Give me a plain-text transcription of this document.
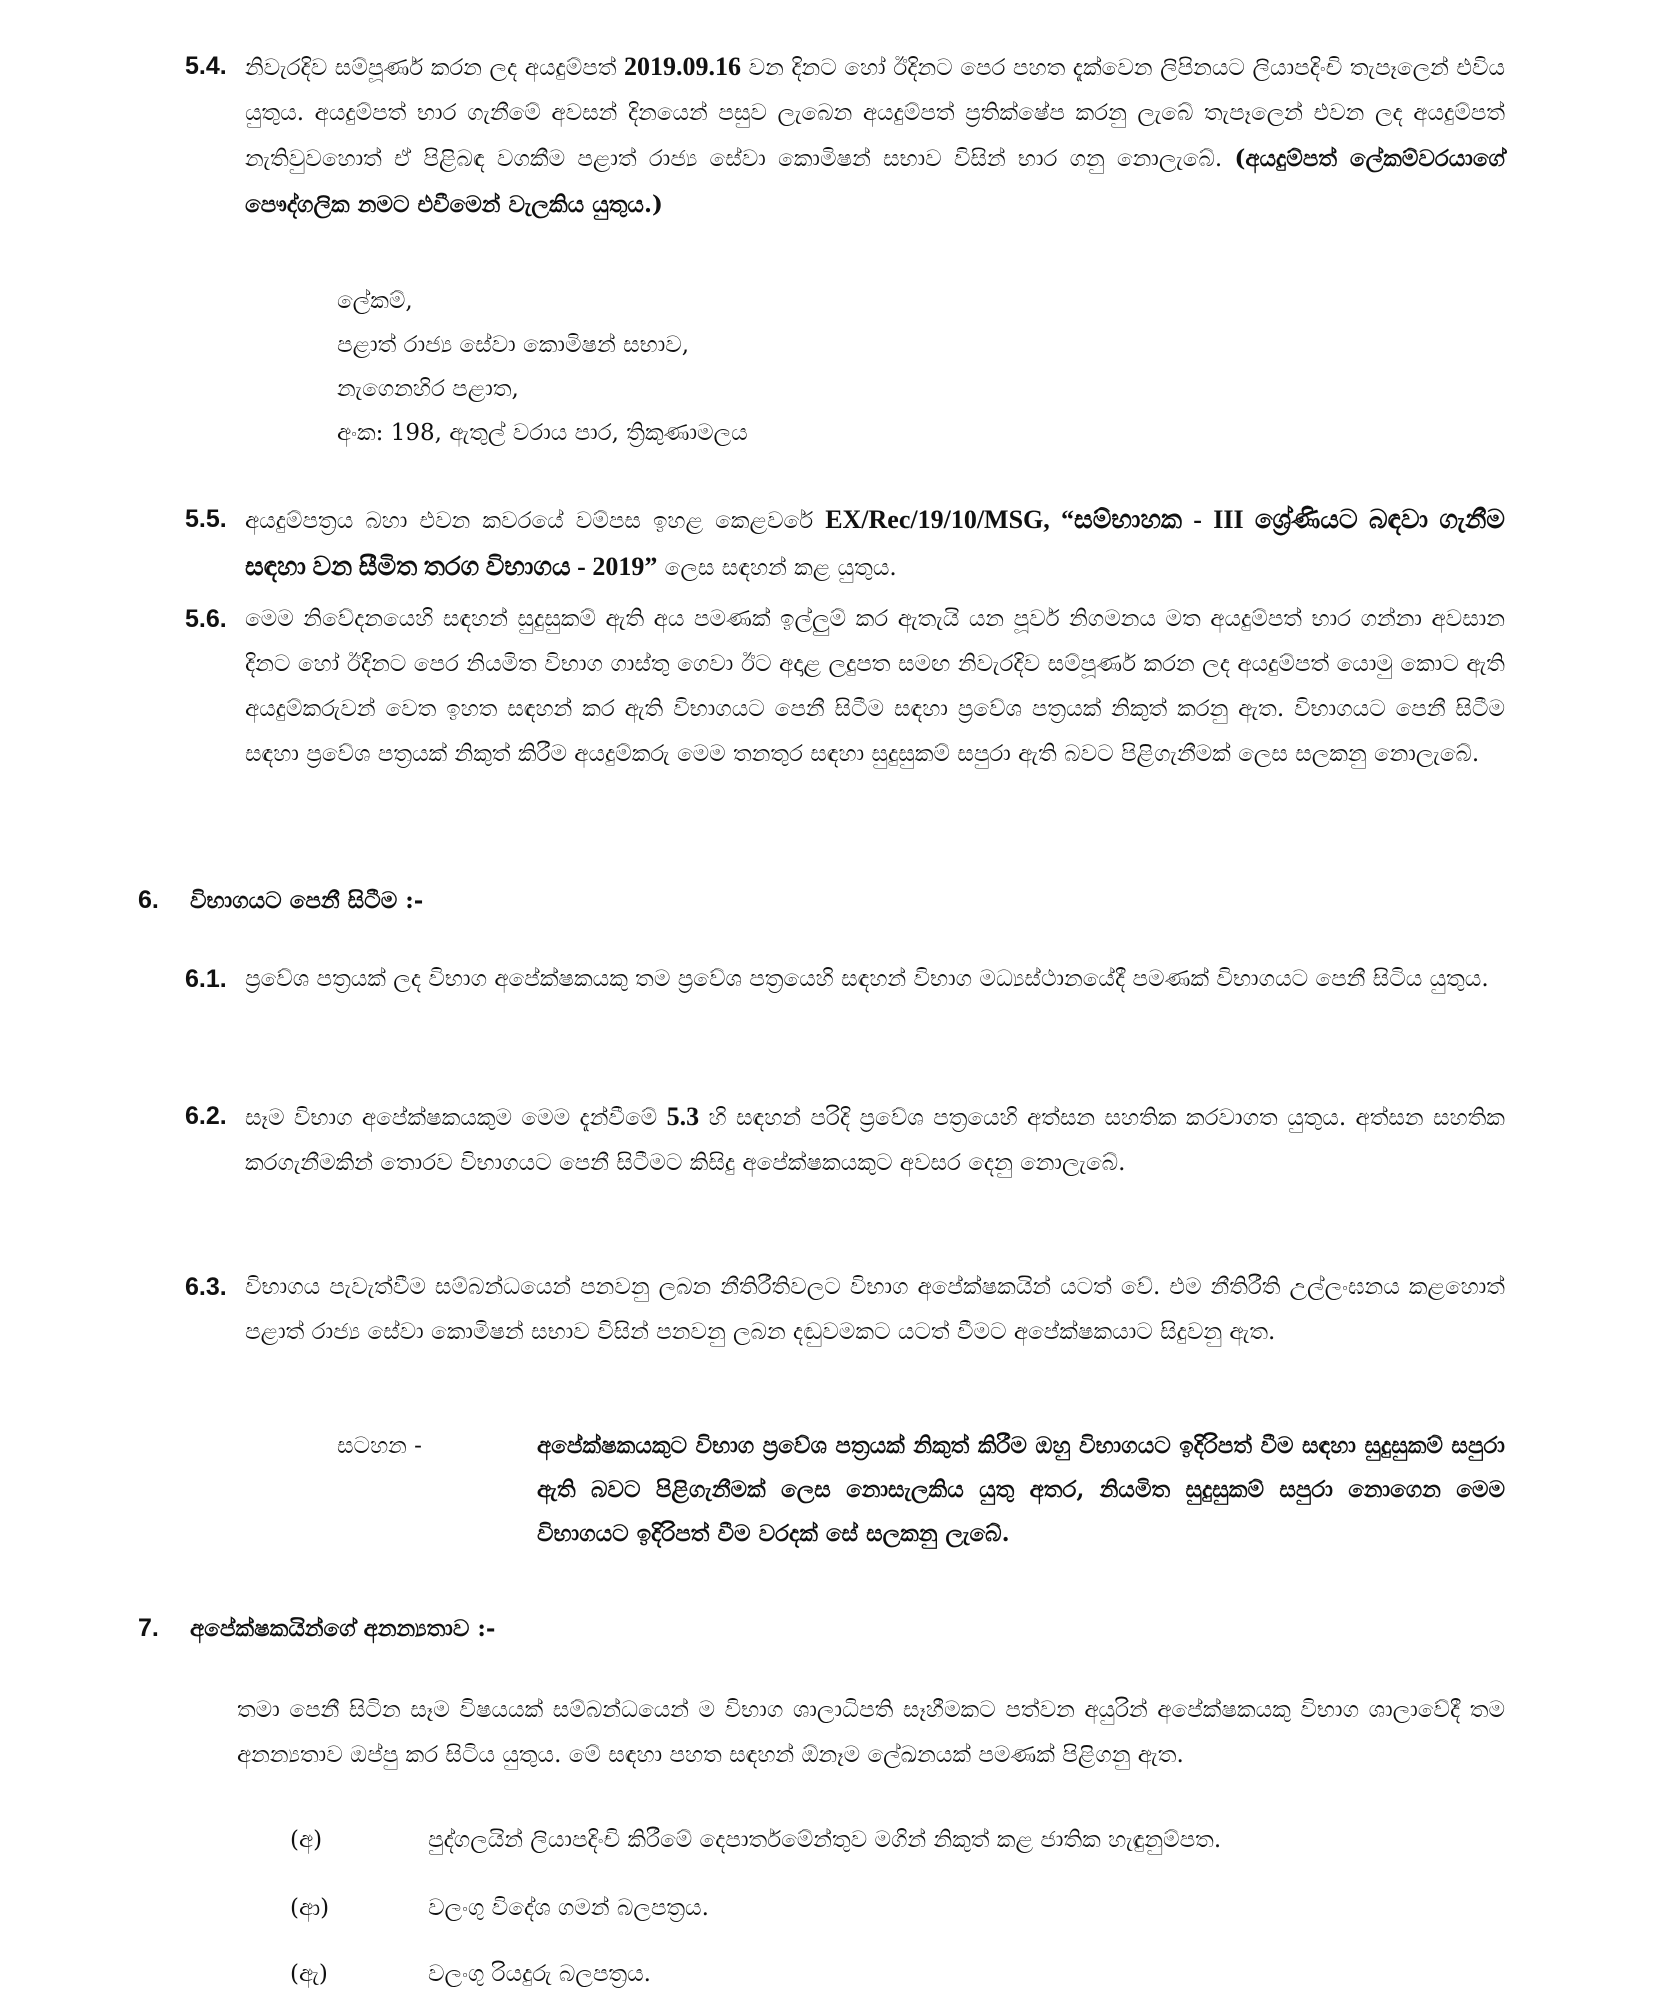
5.4. නිවැරදිව සම්පූර්ණ කරන ලද අයදුම්පත් 2019.09.16 වන දිනට හෝ ඊදිනට පෙර පහත දැක්වෙන ලිපිනයට ලියාපදිංචි තැපෑලෙන් එවිය යුතුය. අයදුම්පත් භාර ගැනීමේ අවසන් දිනයෙන් පසුව ලැබෙන අයදුම්පත් ප්‍රතික්ෂේප කරනු ලැබේ තැපෑලෙන් එවන ලද අයදුම්පත් නැතිවුවහොත් ඒ පිළිබඳ වගකීම පළාත් රාජ්‍ය සේවා කොමිෂන් සභාව විසින් භාර ගනු නොලැබේ. (අයදුම්පත් ලේකම්වරයාගේ පෞද්ගලික නමට එවීමෙන් වැලකිය යුතුය.)

ලේකම්,
පළාත් රාජ්‍ය සේවා කොමිෂන් සභාව,
නැගෙනහිර පළාත,
අංක: 198, ඇතුල් වරාය පාර, ත්‍රිකුණාමලය
5.5. අයදුම්පත්‍රය බහා එවන කවරයේ වම්පස ඉහළ කෙළවරේ EX/Rec/19/10/MSG, “සම්භාහක - III ශ්‍රේණියට බඳවා ගැනීම සඳහා වන සීමිත තරග විභාගය - 2019” ලෙස සඳහන් කළ යුතුය.

5.6. මෙම නිවේදනයෙහි සඳහන් සුදුසුකම් ඇති අය පමණක් ඉල්ලුම් කර ඇතැයි යන පූර්ව නිගමනය මත අයදුම්පත් භාර ගන්නා අවසාන දිනට හෝ ඊදිනට පෙර නියමිත විභාග ගාස්තු ගෙවා ඊට අදාළ ලදුපත සමඟ නිවැරදිව සම්පූර්ණ කරන ලද අයදුම්පත් යොමු කොට ඇති අයදුම්කරුවන් වෙත ඉහත සඳහන් කර ඇති විභාගයට පෙනී සිටීම සඳහා ප්‍රවේශ පත්‍රයක් නිකුත් කරනු ඇත. විභාගයට පෙනී සිටීම සඳහා ප්‍රවේශ පත්‍රයක් නිකුත් කිරීම අයදුම්කරු මෙම තනතුර සඳහා සුදුසුකම් සපුරා ඇති බවට පිළිගැනීමක් ලෙස සලකනු නොලැබේ.

6. විභාගයට පෙනී සිටීම :-
6.1. ප්‍රවේශ පත්‍රයක් ලද විභාග අපේක්ෂකයකු තම ප්‍රවේශ පත්‍රයෙහි සඳහන් විභාග මධ්‍යස්ථානයේදී පමණක් විභාගයට පෙනී සිටිය යුතුය.

6.2. සෑම විභාග අපේක්ෂකයකුම මෙම දැන්වීමේ 5.3 හි සඳහන් පරිදි ප්‍රවේශ පත්‍රයෙහි අත්සන සහතික කරවාගත යුතුය. අත්සන සහතික කරගැනීමකින් තොරව විභාගයට පෙනී සිටීමට කිසිදු අපේක්ෂකයකුට අවසර දෙනු නොලැබේ.

6.3. විභාගය පැවැත්වීම සම්බන්ධයෙන් පනවනු ලබන නීතිරීතිවලට විභාග අපේක්ෂකයින් යටත් වේ. එම නීතිරීති උල්ලංඝනය කළහොත් පළාත් රාජ්‍ය සේවා කොමිෂන් සභාව විසින් පනවනු ලබන දඬුවමකට යටත් වීමට අපේක්ෂකයාට සිදුවනු ඇත.

සටහන -	අපේක්ෂකයකුට විභාග ප්‍රවේශ පත්‍රයක් නිකුත් කිරීම ඔහු විභාගයට ඉදිරිපත් වීම සඳහා සුදුසුකම් සපුරා ඇති බවට පිළිගැනීමක් ලෙස නොසැලකිය යුතු අතර, නියමිත සුදුසුකම් සපුරා නොගෙන මෙම විභාගයට ඉදිරිපත් වීම වරදක් සේ සලකනු ලැබේ.

7. අපේක්ෂකයින්ගේ අනන්‍යතාව :-

තමා පෙනී සිටින සෑම විෂයයක් සම්බන්ධයෙන් ම විභාග ශාලාධිපති සෑහීමකට පත්වන අයුරින් අපේක්ෂකයකු විභාග ශාලාවේදී තම අනන්‍යතාව ඔප්පු කර සිටිය යුතුය. මේ සඳහා පහත සඳහන් ඕනෑම ලේඛනයක් පමණක් පිළිගනු ඇත.

(අ)	පුද්ගලයින් ලියාපදිංචි කිරීමේ දෙපාර්තමේන්තුව මගින් නිකුත් කළ ජාතික හැඳුනුම්පත.
(ආ)	වලංගු විදේශ ගමන් බලපත්‍රය.
(ඇ)	වලංගු රියදුරු බලපත්‍රය.
